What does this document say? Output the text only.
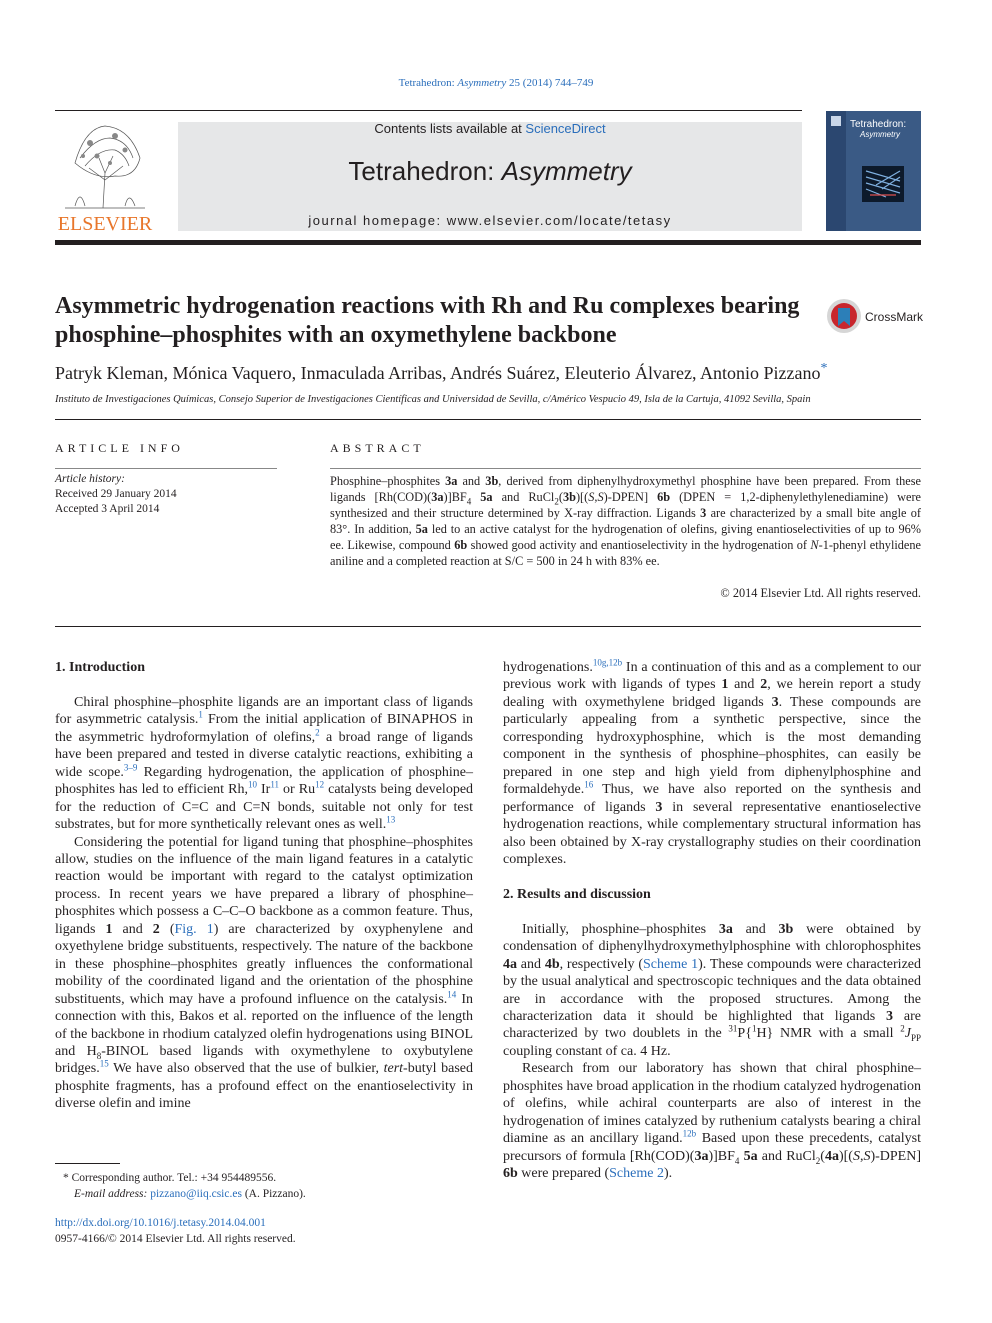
Tetrahedron: Asymmetry 25 (2014) 744–749
ELSEVIER
Contents lists available at ScienceDirect
Tetrahedron: Asymmetry
journal homepage: www.elsevier.com/locate/tetasy
Tetrahedron:
Asymmetry
Asymmetric hydrogenation reactions with Rh and Ru complexes bearing phosphine–phosphites with an oxymethylene backbone
CrossMark
Patryk Kleman, Mónica Vaquero, Inmaculada Arribas, Andrés Suárez, Eleuterio Álvarez, Antonio Pizzano*
Instituto de Investigaciones Químicas, Consejo Superior de Investigaciones Científicas and Universidad de Sevilla, c/Américo Vespucio 49, Isla de la Cartuja, 41092 Sevilla, Spain
ARTICLE INFO
Article history:
Received 29 January 2014
Accepted 3 April 2014
ABSTRACT
Phosphine–phosphites 3a and 3b, derived from diphenylhydroxymethyl phosphine have been prepared. From these ligands $[Rh(COD)(3a)]BF_4$ 5a and RuCl$_2$(3b)[(S,S)-DPEN] 6b (DPEN = 1,2-diphenylethylenediamine) were synthesized and their structure determined by X-ray diffraction. Ligands 3 are characterized by a small bite angle of 83°. In addition, 5a led to an active catalyst for the hydrogenation of olefins, giving enantioselectivities of up to 96% ee. Likewise, compound 6b showed good activity and enantioselectivity in the hydrogenation of N-1-phenyl ethylidene aniline and a completed reaction at S/C = 500 in 24 h with 83% ee.
© 2014 Elsevier Ltd. All rights reserved.
1. Introduction

Chiral phosphine–phosphite ligands are an important class of ligands for asymmetric catalysis.$^1$ From the initial application of BINAPHOS in the asymmetric hydroformylation of olefins,$^2$ a broad range of ligands have been prepared and tested in diverse catalytic reactions, exhibiting a wide scope.$^{3-9}$ Regarding hydrogenation, the application of phosphine–phosphites has led to efficient Rh,$^{10}$ Ir$^{11}$ or Ru$^{12}$ catalysts being developed for the reduction of C=C and C=N bonds, suitable not only for test substrates, but for more synthetically relevant ones as well.$^{13}$

Considering the potential for ligand tuning that phosphine–phosphites allow, studies on the influence of the main ligand features in a catalytic reaction would be important with regard to the catalyst optimization process. In recent years we have prepared a library of phosphine–phosphites which possess a C–C–O backbone as a common feature. Thus, ligands 1 and 2 (Fig. 1) are characterized by oxyphenylene and oxyethylene bridge substituents, respectively. The nature of the backbone in these phosphine–phosphites greatly influences the conformational mobility of the coordinated ligand and the orientation of the phosphine substituents, which may have a profound influence on the catalysis.$^{14}$ In connection with this, Bakos et al. reported on the influence of the length of the backbone in rhodium catalyzed olefin hydrogenations using BINOL and $H_8$-BINOL based ligands with oxymethylene to oxybutylene bridges.$^{15}$ We have also observed that the use of bulkier, tert-butyl based phosphite fragments, has a profound effect on the enantioselectivity in diverse olefin and imine

hydrogenations.$^{10g,12b}$ In a continuation of this and as a complement to our previous work with ligands of types 1 and 2, we herein report a study dealing with oxymethylene bridged ligands 3. These compounds are particularly appealing from a synthetic perspective, since the corresponding hydroxyphosphine, which is the most demanding component in the synthesis of phosphine–phosphites, can easily be prepared in one step and high yield from diphenylphosphine and formaldehyde.$^{16}$ Thus, we have also reported on the synthesis and performance of ligands 3 in several representative enantioselective hydrogenation reactions, while complementary structural information has also been obtained by X-ray crystallography studies on their coordination complexes.

2. Results and discussion

Initially, phosphine–phosphites 3a and 3b were obtained by condensation of diphenylhydroxymethylphosphine with chlorophosphites 4a and 4b, respectively (Scheme 1). These compounds were characterized by the usual analytical and spectroscopic techniques and the data obtained are in accordance with the proposed structures. Among the characterization data it should be highlighted that ligands 3 are characterized by two doublets in the $^{31}$P{$^1$H} NMR with a small $^2J_{PP}$ coupling constant of ca. 4 Hz.

Research from our laboratory has shown that chiral phosphine–phosphites have broad application in the rhodium catalyzed hydrogenation of olefins, while achiral counterparts are also of interest in the hydrogenation of imines catalyzed by ruthenium catalysts bearing a chiral diamine as an ancillary ligand.$^{12b}$ Based upon these precedents, catalyst precursors of formula $[Rh(COD)(3a)]BF_4$ 5a and RuCl$_2$(4a)[(S,S)-DPEN] 6b were prepared (Scheme 2).

* Corresponding author. Tel.: +34 954489556.
E-mail address: pizzano@iiq.csic.es (A. Pizzano).
http://dx.doi.org/10.1016/j.tetasy.2014.04.001
0957-4166/© 2014 Elsevier Ltd. All rights reserved.
